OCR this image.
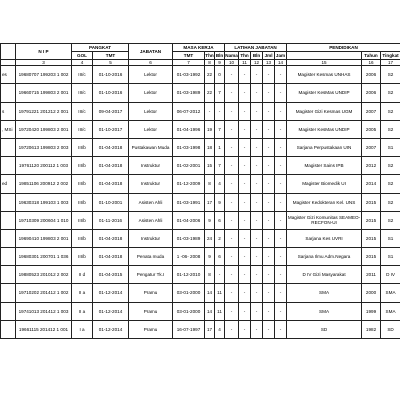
	N I P	PANGKAT		JABATAN	MASA KERJA			LATIHAN JABATAN					PENDIDIKAN		
		GOL	TMT		TMT	Thn	Bln	Nama	Thn	Bln	Jml	Jam		Tahun	Tingkat
	3	4	5	6	7	8	9	10	11	12	13	14	15	16	17
es	19680707 199203 1 002	III/c	01-10-2016	Lektor	01-03-1992	22	0	-	-	-	-	-	Magister Kesmas UNHAS	2006	S2
	19660715 199803 2 001	III/c	01-10-2016	Lektor	01-03-1989	22	7	-	-	-	-	-	Magister KesMas UNDIP	2006	S2
s	19791221 201212 2 001	III/c	09-04-2017	Lektor	06-07-2012	-	-	-	-	-	-	-	Magister Gizi Kesmas UGM	2007	S2
, MSi	19720420 199803 2 001	III/c	01-10-2017	Lektor	01-04-1996	19	7	-	-	-	-	-	Magister KesMas UNDIP	2005	S2
	19720613 199803 2 003	III/b	01-04-2018	Pustakawan Muda	01-03-1998	18	1	-	-	-	-	-	Sarjana Perpustakaan UIN	2007	S1
	19761120 200112 1 003	III/b	01-04-2018	Instruktur	01-02-2001	15	7	-	-	-	-	-	Magister Sains IPB	2012	S2
ed	19851106 200912 2 002	III/b	01-04-2018	Instruktur	01-12-2009	8	4	-	-	-	-	-	Magister Biomedik UI	2014	S2
	19630318 199103 1 003	III/b	01-10-2001	Asisten Ahli	01-03-1991	17	9	-	-	-	-	-	Magister Kedokteran Kel. UNS	2015	S2
	19710309 200604 1 010	III/b	01-11-2016	Asisten Ahli	01-04-2006	9	6	-	-	-	-	-	Magister Gizi Komunitas SEAMEO-RECFON-UI	2015	S2
	19690410 199803 2 001	III/b	01-04-2018	Instruktur	01-03-1989	24	2	-	-	-	-	-	Sarjana Kes UVRI	2015	S1
	19680301 200701 1 036	III/b	01-04-2018	Penata muda	1 -06- 2008	9	6	-	-	-	-	-	Sarjana Ilmu Adm.Negara	2015	S1
	19880523 201012 2 002	II d	01-04-2015	Pengatur Tk.I	01-12-2010	8	-	-	-	-	-	-	D IV Gizi Masyarakat	2011	D IV
	19710202 201412 1 002	II a	01-12-2014	Pramu	03-01-2000	14	11	-	-	-	-	-	SMA	2000	SMA
	19741013 201412 1 003	II a	01-12-2014	Pramu	03-01-2000	14	11	-	-	-	-	-	SMA	1999	SMA
	19661115 201412 1 001	I a	01-12-2014	Pramu	16-07-1997	17	4	-	-	-	-	-	SD	1982	SD
